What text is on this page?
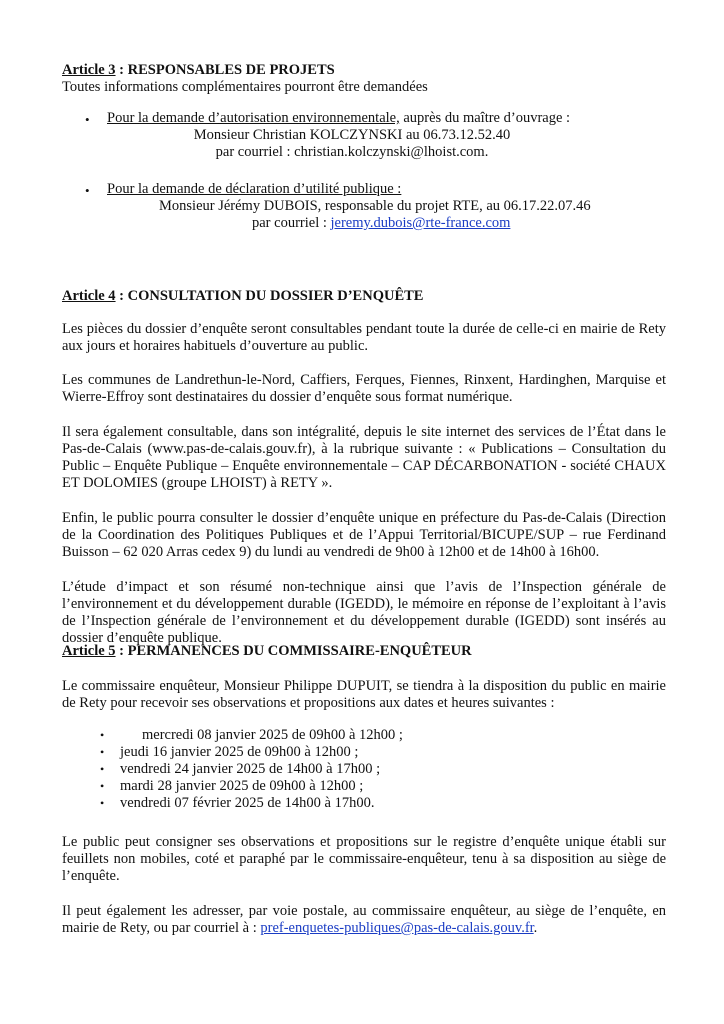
Article 3 : RESPONSABLES DE PROJETS

Toutes informations complémentaires pourront être demandées

• Pour la demande d’autorisation environnementale, auprès du maître d’ouvrage :

Monsieur Christian KOLCZYNSKI au 06.73.12.52.40

par courriel : christian.kolczynski@lhoist.com.

• Pour la demande de déclaration d’utilité publique :

Monsieur Jérémy DUBOIS, responsable du projet RTE, au 06.17.22.07.46

par courriel : jeremy.dubois@rte-france.com

Article 4 : CONSULTATION DU DOSSIER D’ENQUÊTE

Les pièces du dossier d’enquête seront consultables pendant toute la durée de celle-ci en mairie de Rety aux jours et horaires habituels d’ouverture au public.

Les communes de Landrethun-le-Nord, Caffiers, Ferques, Fiennes, Rinxent, Hardinghen, Marquise et Wierre-Effroy sont destinataires du dossier d’enquête sous format numérique.

Il sera également consultable, dans son intégralité, depuis le site internet des services de l’État dans le Pas-de-Calais (www.pas-de-calais.gouv.fr), à la rubrique suivante : « Publications – Consultation du Public – Enquête Publique – Enquête environnementale – CAP DÉCARBONATION - société CHAUX ET DOLOMIES (groupe LHOIST) à RETY ».

Enfin, le public pourra consulter le dossier d’enquête unique en préfecture du Pas-de-Calais (Direction de la Coordination des Politiques Publiques et de l’Appui Territorial/BICUPE/SUP – rue Ferdinand Buisson – 62 020 Arras cedex 9) du lundi au vendredi de 9h00 à 12h00 et de 14h00 à 16h00.

L’étude d’impact et son résumé non-technique ainsi que l’avis de l’Inspection générale de l’environnement et du développement durable (IGEDD), le mémoire en réponse de l’exploitant à l’avis de l’Inspection générale de l’environnement et du développement durable (IGEDD) sont insérés au dossier d’enquête publique.

Article 5 : PERMANENCES DU COMMISSAIRE-ENQUÊTEUR

Le commissaire enquêteur, Monsieur Philippe DUPUIT, se tiendra à la disposition du public en mairie de Rety pour recevoir ses observations et propositions aux dates et heures suivantes :

•	mercredi 08 janvier 2025 de 09h00 à 12h00 ;
• jeudi 16 janvier 2025 de 09h00 à 12h00 ;
• vendredi 24 janvier 2025 de 14h00 à 17h00 ;
• mardi 28 janvier 2025 de 09h00 à 12h00 ;
• vendredi 07 février 2025 de 14h00 à 17h00.

Le public peut consigner ses observations et propositions sur le registre d’enquête unique établi sur feuillets non mobiles, coté et paraphé par le commissaire-enquêteur, tenu à sa disposition au siège de l’enquête.

Il peut également les adresser, par voie postale, au commissaire enquêteur, au siège de l’enquête, en mairie de Rety, ou par courriel à : pref-enquetes-publiques@pas-de-calais.gouv.fr.
